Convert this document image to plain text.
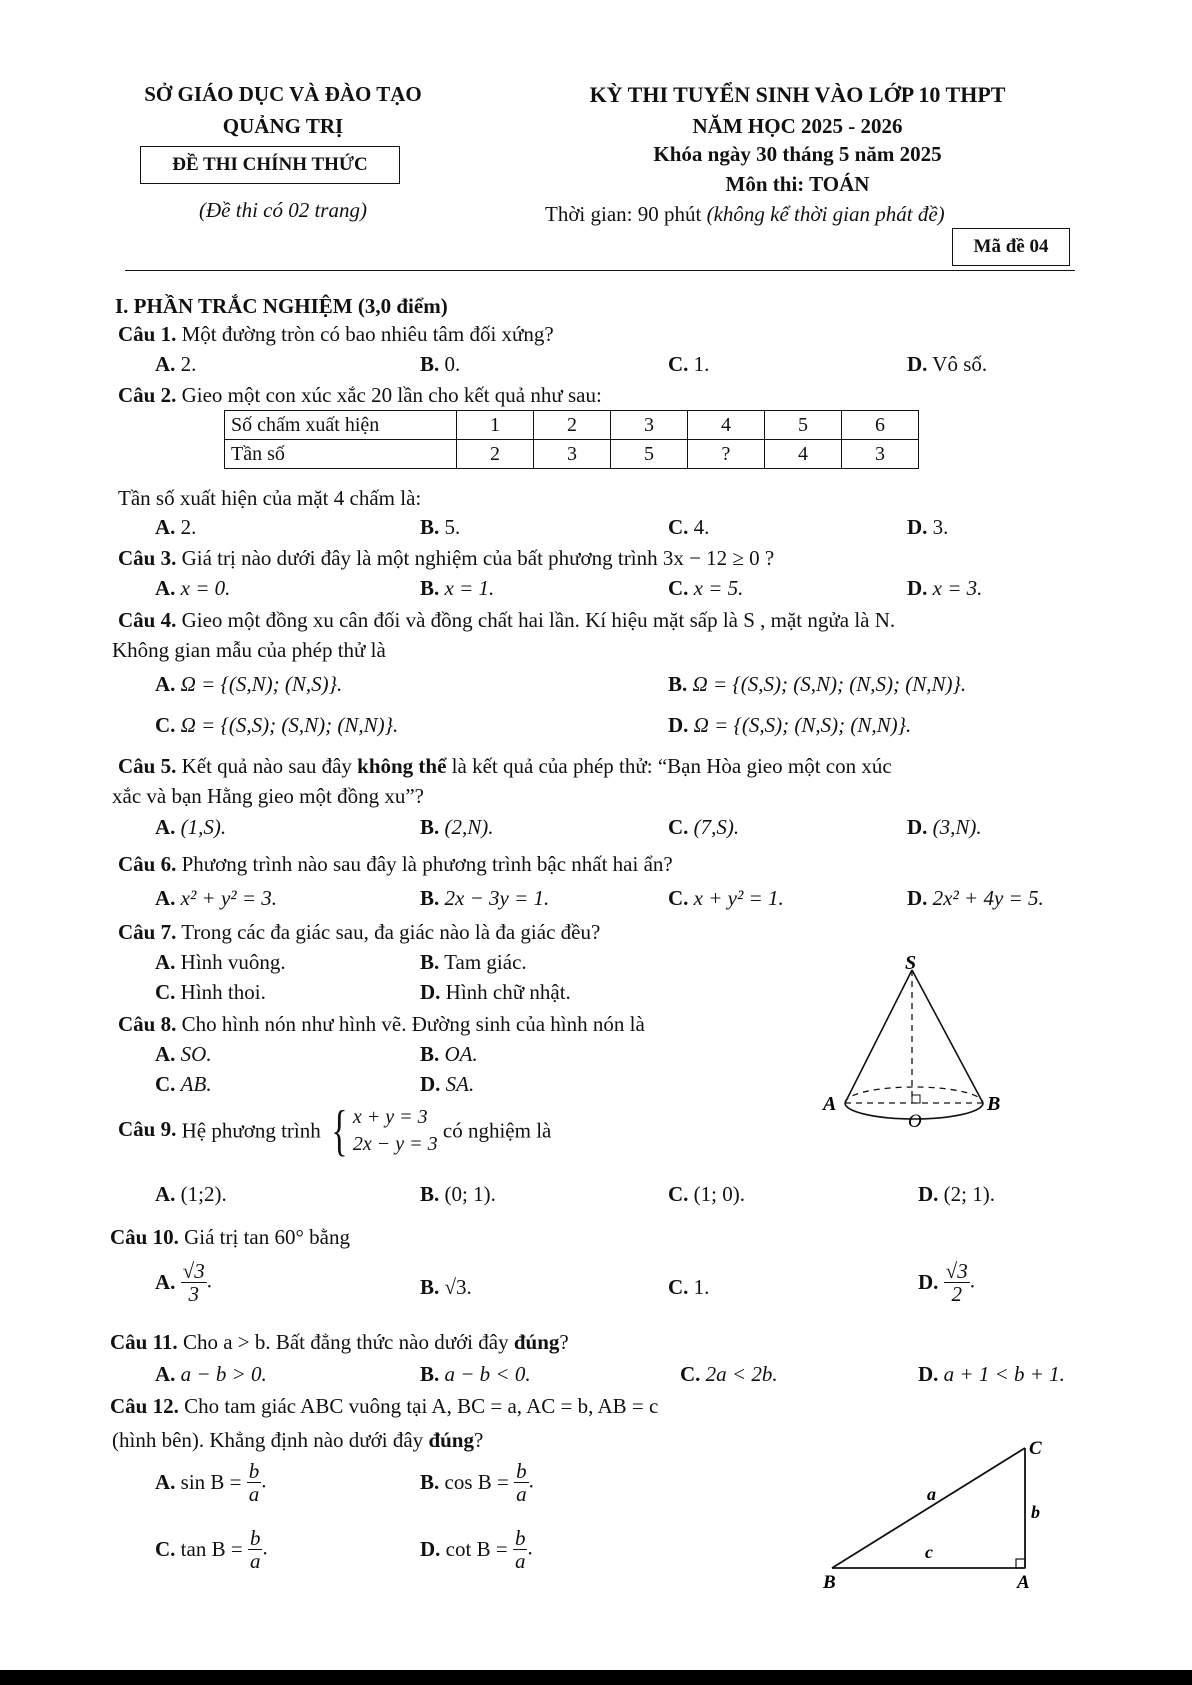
SỞ GIÁO DỤC VÀ ĐÀO TẠO
QUẢNG TRỊ
ĐỀ THI CHÍNH THỨC
(Đề thi có 02 trang)
KỲ THI TUYỂN SINH VÀO LỚP 10 THPT
NĂM HỌC 2025 - 2026
Khóa ngày 30 tháng 5 năm 2025
Môn thi: TOÁN
Thời gian: 90 phút (không kể thời gian phát đề)
Mã đề 04
I. PHẦN TRẮC NGHIỆM (3,0 điểm)
Câu 1. Một đường tròn có bao nhiêu tâm đối xứng?
A. 2.	B. 0.	C. 1.	D. Vô số.
Câu 2. Gieo một con xúc xắc 20 lần cho kết quả như sau:
Số chấm xuất hiện	1	2	3	4	5	6
Tần số	2	3	5	?	4	3
Tần số xuất hiện của mặt 4 chấm là:
A. 2.	B. 5.	C. 4.	D. 3.
Câu 3. Giá trị nào dưới đây là một nghiệm của bất phương trình 3x − 12 ≥ 0 ?
A. x = 0.	B. x = 1.	C. x = 5.	D. x = 3.
Câu 4. Gieo một đồng xu cân đối và đồng chất hai lần. Kí hiệu mặt sấp là S , mặt ngửa là N.
Không gian mẫu của phép thử là
A. Ω = {(S,N); (N,S)}.	B. Ω = {(S,S); (S,N); (N,S); (N,N)}.
C. Ω = {(S,S); (S,N); (N,N)}.	D. Ω = {(S,S); (N,S); (N,N)}.
Câu 5. Kết quả nào sau đây không thể là kết quả của phép thử: “Bạn Hòa gieo một con xúc
xắc và bạn Hằng gieo một đồng xu”?
A. (1,S).	B. (2,N).	C. (7,S).	D. (3,N).
Câu 6. Phương trình nào sau đây là phương trình bậc nhất hai ẩn?
A. x² + y² = 3.	B. 2x − 3y = 1.	C. x + y² = 1.	D. 2x² + 4y = 5.
Câu 7. Trong các đa giác sau, đa giác nào là đa giác đều?
A. Hình vuông.	B. Tam giác.
C. Hình thoi.	D. Hình chữ nhật.
Câu 8. Cho hình nón như hình vẽ. Đường sinh của hình nón là
A. SO.	B. OA.
C. AB.	D. SA.
S
A	B
O
Câu 9. Hệ phương trình { x + y = 3
2x − y = 3
có nghiệm là
A. (1;2).	B. (0; 1).	C. (1; 0).	D. (2; 1).
Câu 10. Giá trị tan 60° bằng
A. $\frac{√3}{3}$ .	B. √3.	C. 1.	D. $\frac{√3}{2}$ .
Câu 11. Cho a > b. Bất đẳng thức nào dưới đây đúng?
A. a − b > 0.	B. a − b < 0.	C. 2a < 2b.	D. a + 1 < b + 1.
Câu 12. Cho tam giác ABC vuông tại A, BC = a, AC = b, AB = c
(hình bên). Khẳng định nào dưới đây đúng?
A. $\sin B = \frac{b}{a}$ .	B. $\cos B = \frac{b}{a}$ .
C. $\tan B = \frac{b}{a}$ .	D. $\cot B = \frac{b}{a}$ .
C
B	A
a
b
c
